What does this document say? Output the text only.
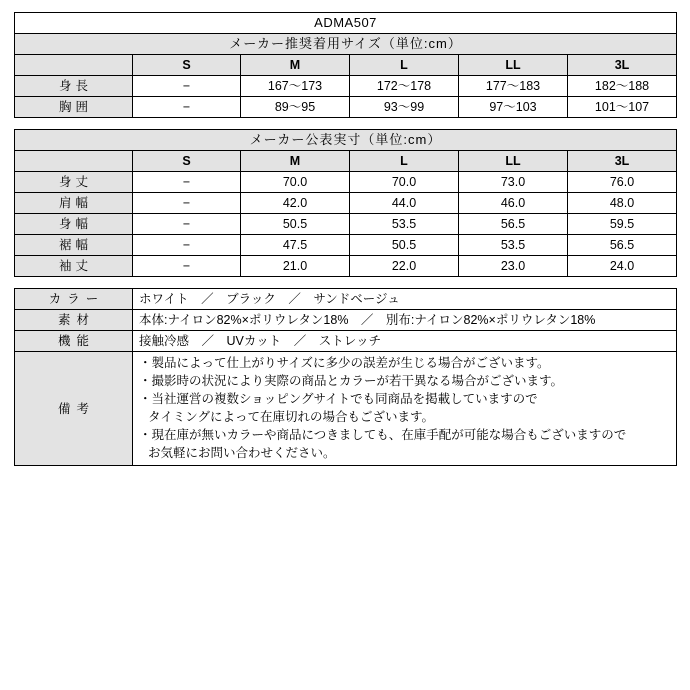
ADMA507					
メーカー推奨着用サイズ（単位:cm）					
	S	M	L	LL	3L
身長	−	167〜173	172〜178	177〜183	182〜188
胸囲	−	89〜95	93〜99	97〜103	101〜107
メーカー公表実寸（単位:cm）					
	S	M	L	LL	3L
身丈	−	70.0	70.0	73.0	76.0
肩幅	−	42.0	44.0	46.0	48.0
身幅	−	50.5	53.5	56.5	59.5
裾幅	−	47.5	50.5	53.5	56.5
袖丈	−	21.0	22.0	23.0	24.0
カラー	ホワイト　／　ブラック　／　サンドベージュ
素材	本体:ナイロン82%×ポリウレタン18%　／　別布:ナイロン82%×ポリウレタン18%
機能	接触冷感　／　UVカット　／　ストレッチ
備考	
・製品によって仕上がりサイズに多少の誤差が生じる場合がございます。
・撮影時の状況により実際の商品とカラーが若干異なる場合がございます。
・当社運営の複数ショッピングサイトでも同商品を掲載していますので
タイミングによって在庫切れの場合もございます。
・現在庫が無いカラーや商品につきましても、在庫手配が可能な場合もございますので
お気軽にお問い合わせください。
